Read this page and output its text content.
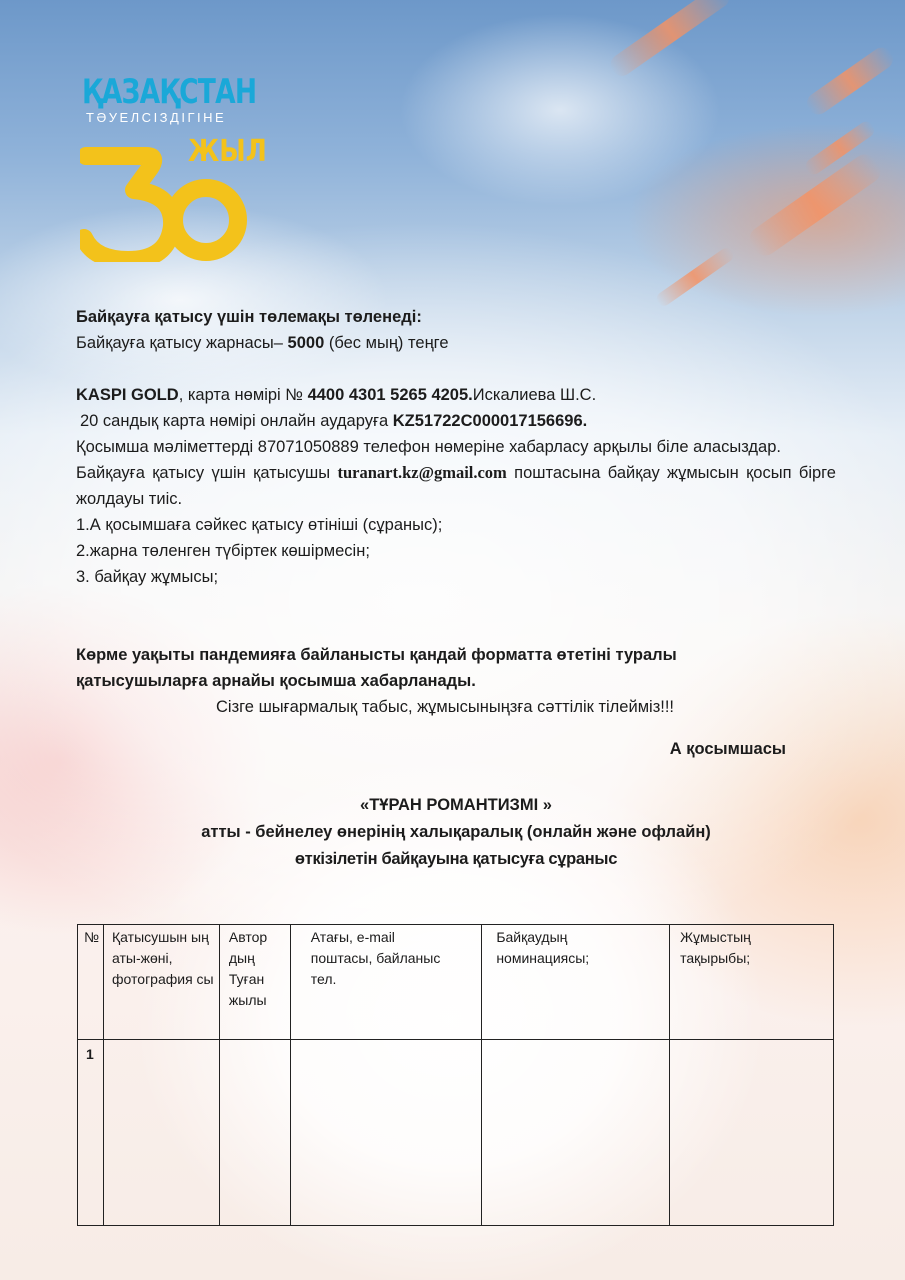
ҚАЗАҚСТАН
ТӘУЕЛСІЗДІГІНЕ
ЖЫЛ
Байқауға қатысу үшін төлемақы төленеді:
Байқауға қатысу жарнасы– 5000 (бес мың) теңге
KASPI GOLD, карта нөмірі № 4400 4301 5265 4205.Искалиева Ш.С.
20 сандық карта нөмірі онлайн аударуға KZ51722C000017156696.
Қосымша мәліметтерді 87071050889 телефон нөмеріне хабарласу арқылы біле аласыздар.
Байқауға қатысу үшін қатысушы turanart.kz@gmail.com поштасына байқау жұмысын қосып бірге жолдауы тиіс.
1.А қосымшаға сәйкес қатысу өтініші (сұраныс);
2.жарна төленген түбіртек көшірмесін;
3. байқау жұмысы;
Көрме уақыты пандемияға байланысты қандай форматта өтетіні туралы
қатысушыларға арнайы қосымша хабарланады.
Сізге шығармалық табыс, жұмысыныңзға сәттілік тілейміз!!!
А қосымшасы
«ТҰРАН РОМАНТИЗМІ »
атты - бейнелеу өнерінің халықаралық (онлайн және офлайн)
өткізілетін байқауына қатысуға сұраныс
№	Қатысушын ың аты-жөні, фотография сы	Автор дың Туған жылы	Атағы, e-mail поштасы, байланыс тел.	Байқаудың номинациясы;	Жұмыстың тақырыбы;
1					
